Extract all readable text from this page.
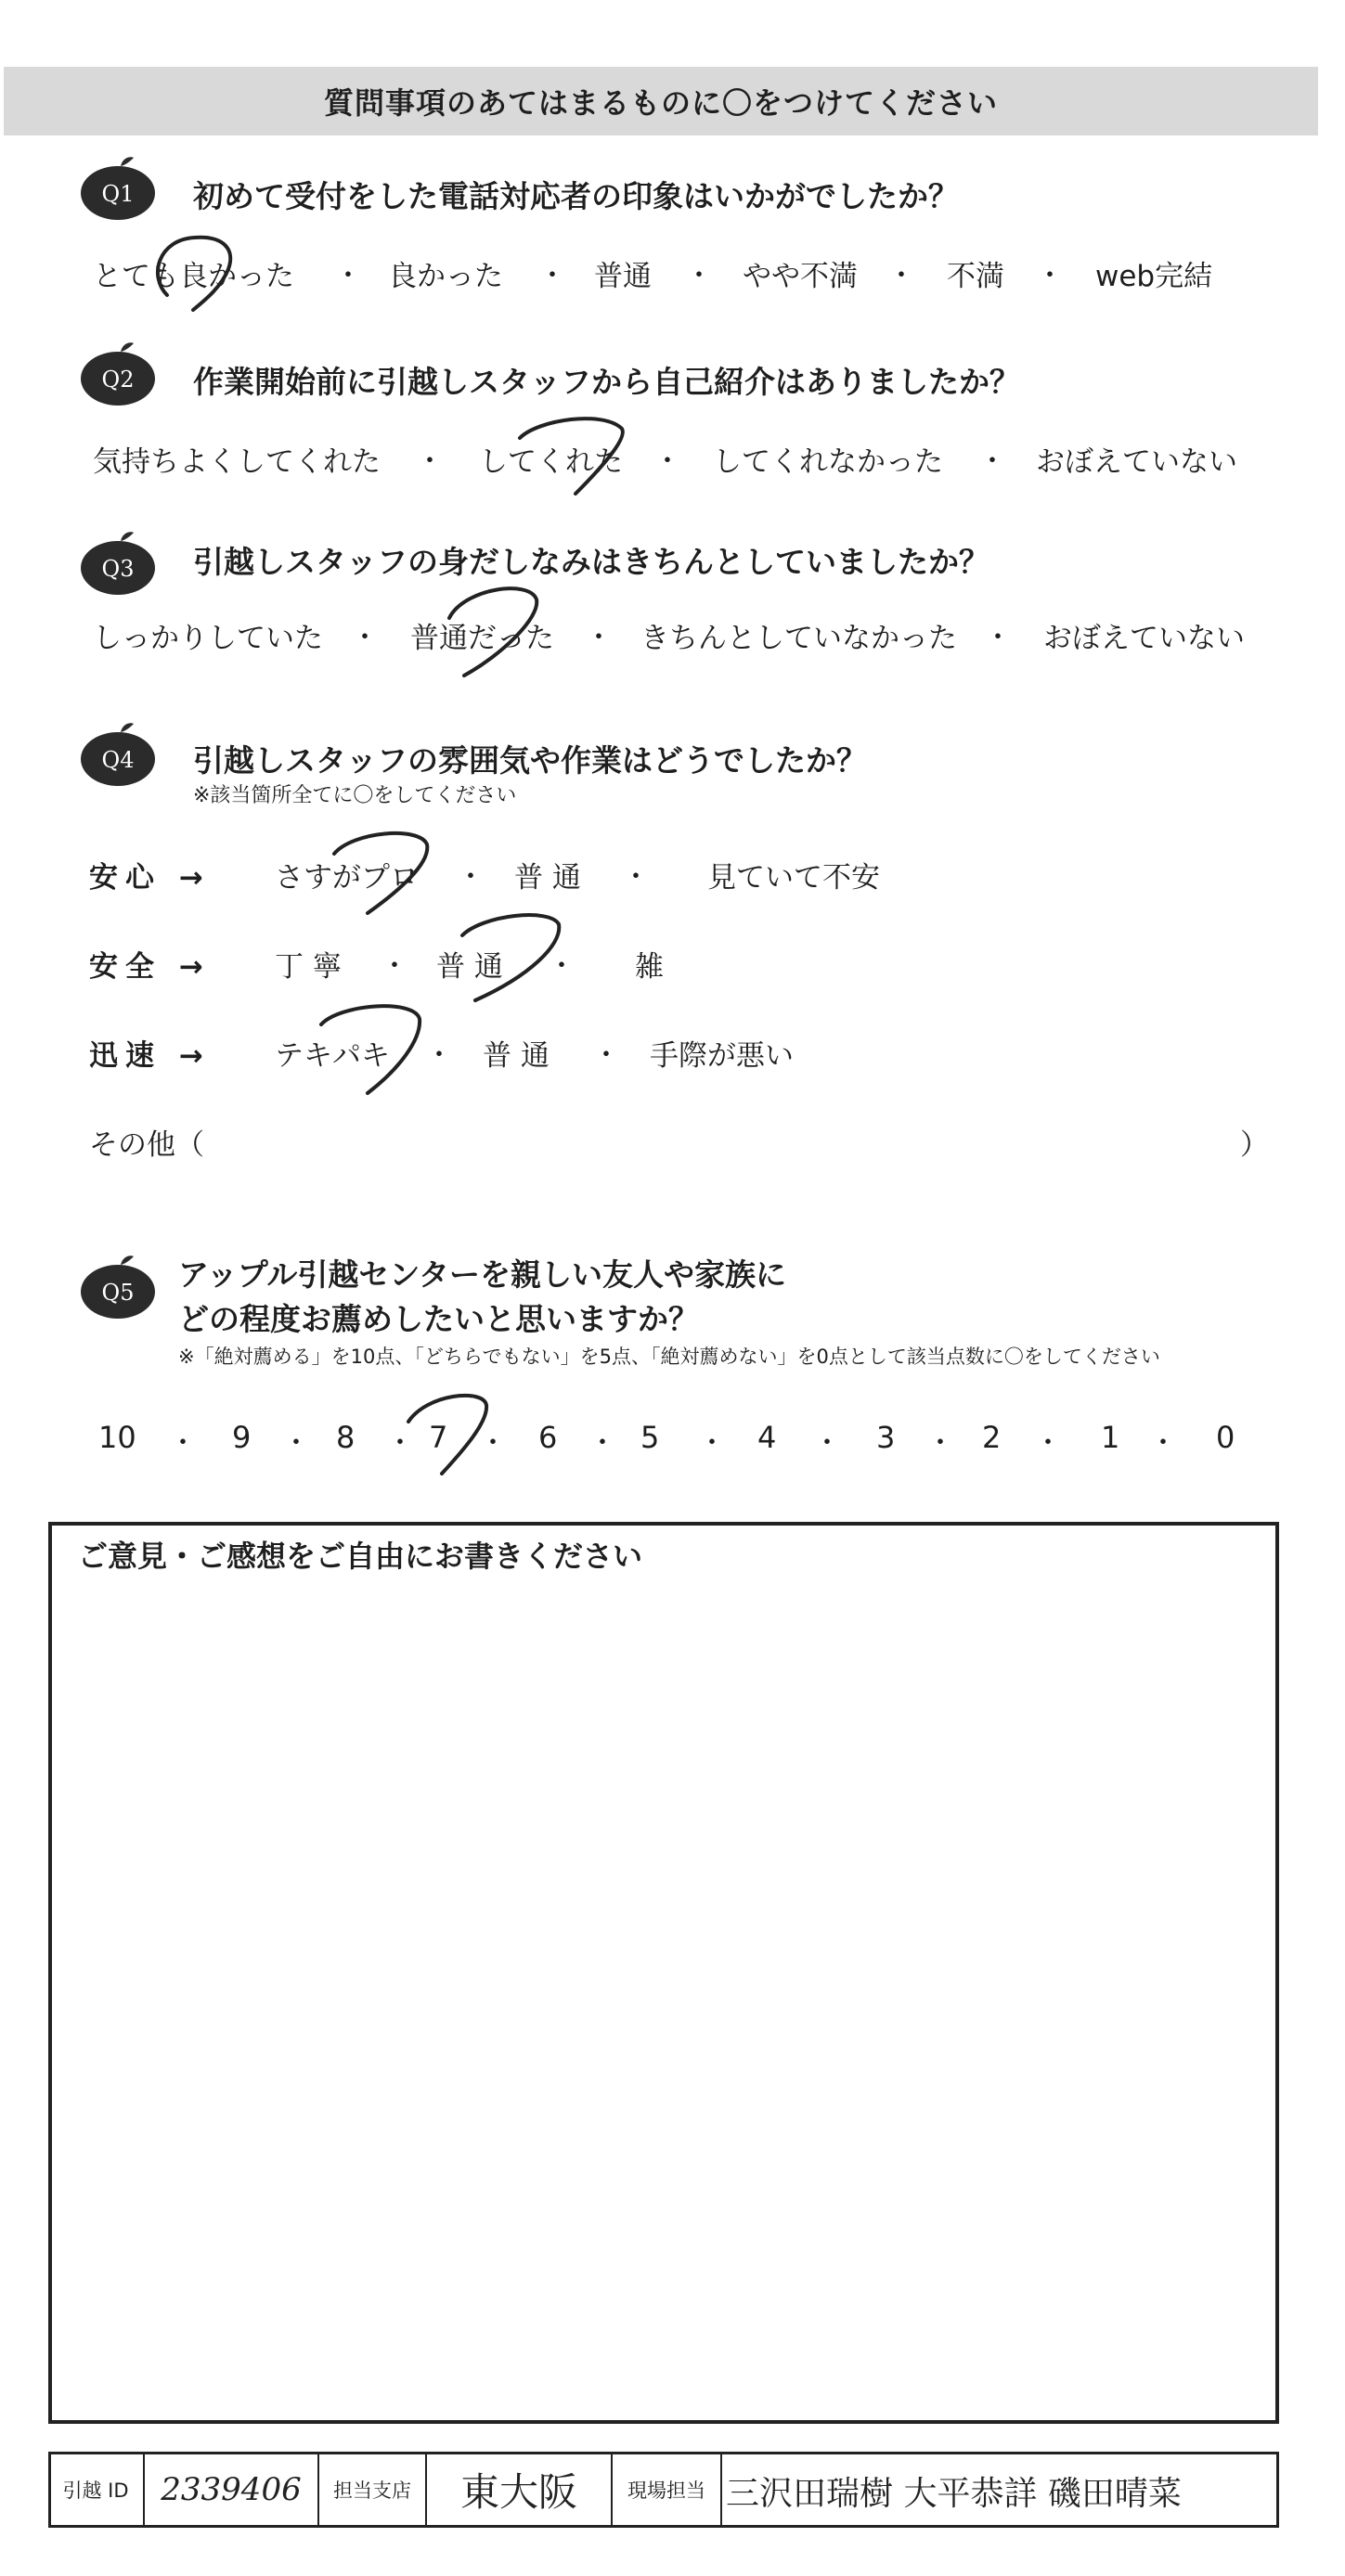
質問事項のあてはまるものに〇をつけてください
Q1 初めて受付をした電話対応者の印象はいかがでしたか？
とても良かった ・ 良かった ・ 普通 ・ やや不満 ・ 不満 ・ web完結
Q2 作業開始前に引越しスタッフから自己紹介はありましたか？
気持ちよくしてくれた ・ してくれた ・ してくれなかった ・ おぼえていない
Q3 引越しスタッフの身だしなみはきちんとしていましたか？
しっかりしていた ・ 普通だった ・ きちんとしていなかった ・ おぼえていない
Q4 引越しスタッフの雰囲気や作業はどうでしたか？
※該当箇所全てに〇をしてください
安心 → さすがプロ ・ 普 通 ・ 見ていて不安
安全 → 丁 寧 ・ 普 通 ・ 雑
迅速 → テキパキ ・ 普 通 ・ 手際が悪い
その他（	）
Q5 アップル引越センターを親しい友人や家族に
どの程度お薦めしたいと思いますか？
※「絶対薦める」を10点、「どちらでもない」を5点、「絶対薦めない」を0点として該当点数に〇をしてください
10 ・ 9 ・ 8 ・ 7 ・ 6 ・ 5 ・ 4 ・ 3 ・ 2 ・ 1 ・ 0
ご意見・ご感想をご自由にお書きください
引越 ID 2339406 担当支店 東大阪	現場担当 三沢田瑞樹 大平恭詳 磯田晴菜
